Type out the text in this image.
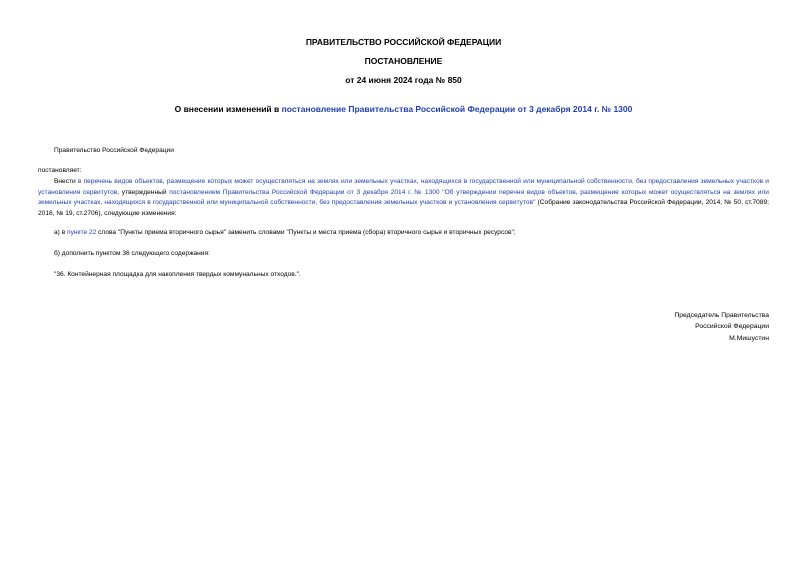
ПРАВИТЕЛЬСТВО РОССИЙСКОЙ ФЕДЕРАЦИИ
ПОСТАНОВЛЕНИЕ
от 24 июня 2024 года № 850
О внесении изменений в постановление Правительства Российской Федерации от 3 декабря 2014 г. № 1300
Правительство Российской Федерации
постановляет:
Внести в перечень видов объектов, размещение которых может осуществляться на землях или земельных участках, находящихся в государственной или муниципальной собственности, без предоставления земельных участков и установления сервитутов, утвержденный постановлением Правительства Российской Федерации от 3 декабря 2014 г. № 1300 "Об утверждении перечня видов объектов, размещение которых может осуществляться на землях или земельных участках, находящихся в государственной или муниципальной собственности, без предоставления земельных участков и установления сервитутов" (Собрание законодательства Российской Федерации, 2014, № 50, ст.7089; 2016, № 19, ст.2706), следующие изменения:
а) в пункте 22 слова "Пункты приема вторичного сырья" заменить словами "Пункты и места приема (сбора) вторичного сырья и вторичных ресурсов";
б) дополнить пунктом 36 следующего содержания:
"36. Контейнерная площадка для накопления твердых коммунальных отходов.".
Председатель Правительства
Российской Федерации
М.Мишустин
